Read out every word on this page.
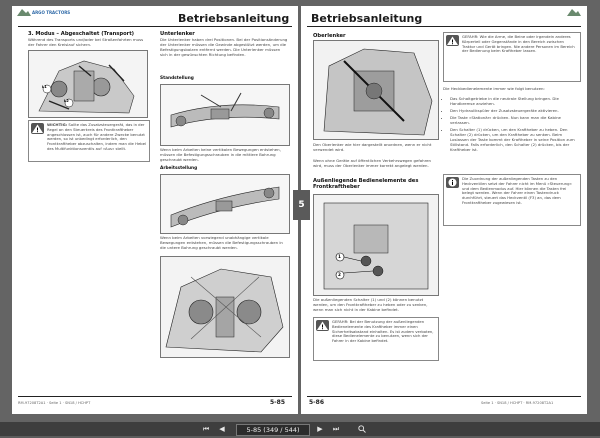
ARGO TRACTORS	Betriebsanleitung
3. Modus – Abgeschaltet (Transport)
Während des Transports und/oder bei Straßenfahrten muss der Fahrer den Kreislauf sichern.
L1
L2
WICHTIG: Sollte das Zusatzsteuergerät, das in der Regel an den Steuerkreis des Frontkraftheber angeschlossen ist, auch für andere Zwecke benutzt werden, so ist unbedingt erforderlich, den Frontkraftheber abzuschalten, indem man die Hebel des Multifunktionsventils auf »Aus« stellt.
Unterlenker
Die Unterlenker haben drei Positionen. Bei der Positionsänderung der Unterlenker müssen die Gewinde abgestützt werden, um die Befestigungsbolzen entfernt werden. Die Unterlenker müssen sich in der gewünschten Richtung befinden.
Standstellung
Wenn beim Arbeiten keine vertikalen Bewegungen entstehen, müssen die Befestigungsschrauben in die mittlere Bohrung geschraubt werden.
Arbeitsstellung
Wenn beim Arbeiten vorwiegend unabhängige vertikale Bewegungen entstehen, müssen die Befestigungsschrauben in die untere Bohrung geschraubt werden.
RM-97208T2A1 · Seite 1 · SN18 / HCHPT	5-85
Betriebsanleitung
Oberlenker
Den Oberlenker wie hier dargestellt anordnen, wenn er nicht verwendet wird.
Wenn ohne Geräte auf öffentlichen Verkehrswegen gefahren wird, muss der Oberlenker immer korrekt angelegt werden.
Außenliegende Bedienelemente des Frontkraftheber
1
2
Die außenliegenden Schalter (1) und (2) können benutzt werden, um den Frontkraftheber zu heben oder zu senken, wenn man sich nicht in der Kabine befindet.
GEFAHR: Bei der Benutzung der außenliegenden Bedienelemente des Kraftheber immer einen Sicherheitsabstand einhalten. Es ist zudem verboten, diese Bedienelemente zu benutzen, wenn sich der Fahrer in der Kabine befindet.
GEFAHR: Wie die Arme, die Beine oder irgendein anderes Körperteil oder Gegenstände in den Bereich zwischen Traktor und Gerät bringen. Nie andere Personen im Bereich der Bedienung beim Kraftheber lassen.
Die Heckbedienelemente immer wie folgt benutzen:
• Das Schaltgetriebe in die neutrale Stellung bringen. Die Handbremse anziehen.
• Den Hydraulikspüler der Zusatzsteuergeräte aktivieren.
• Die Taste »Stationär« drücken. Nun kann man die Kabine verlassen.
• Den Schalter (1) drücken, um den Kraftheber zu heben. Den Schalter (2) drücken, um den Kraftheber zu senken. Beim Loslassen der Taste kommt der Kraftheber in seine Position zum Stillstand. Falls erforderlich, den Schalter (2) drücken, bis der Kraftheber ist.
Die Zuordnung der außenliegenden Tasten zu den Heckventilen setzt der Fahrer nicht im Menü »Steuerung« und dem Bedienmodus auf. Hier können die Tasten frei belegt werden. Wenn der Fahrer einen Tastendruck durchführt, steuert das Heckventil (F3) an, das dem Frontkraftheber zugewiesen ist.
5-86	Seite 1 · SN18 / HCHPT · RM-97208T2A1
5
⏮	◀	5-85 (349 / 544)	▶	⏭
